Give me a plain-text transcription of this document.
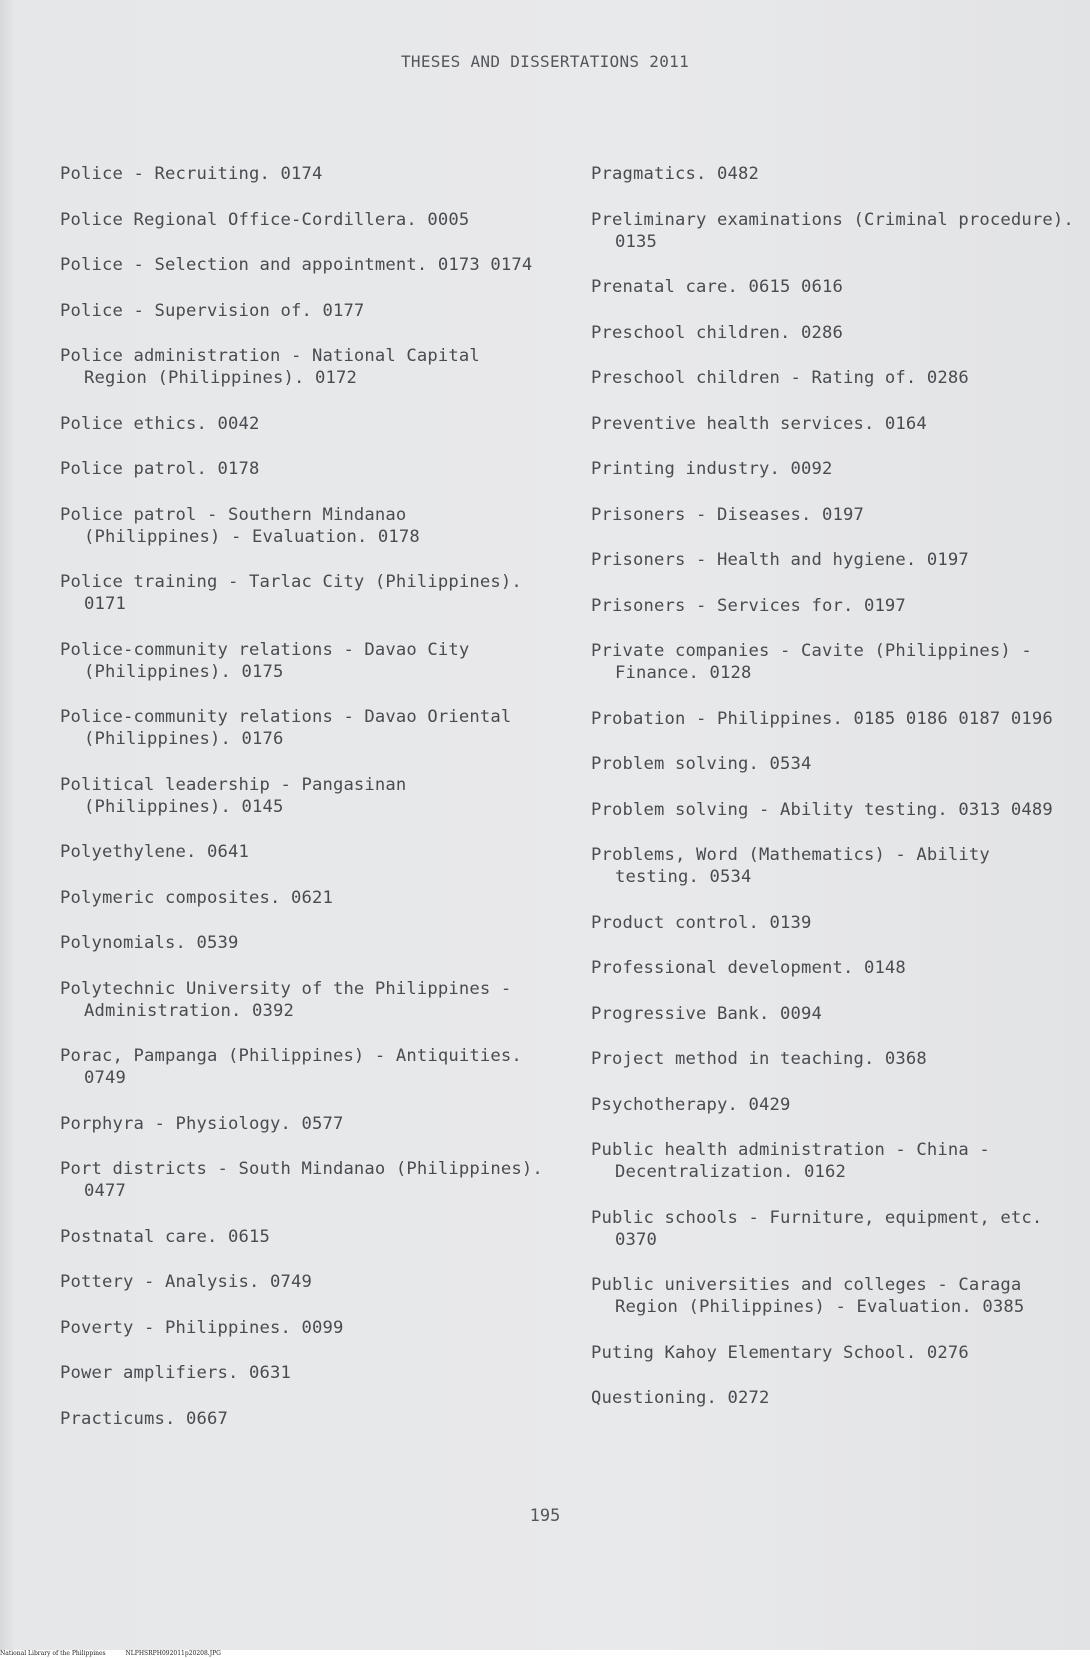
THESES AND DISSERTATIONS 2011
Police - Recruiting. 0174
Police Regional Office-Cordillera. 0005
Police - Selection and appointment. 0173 0174
Police - Supervision of. 0177
Police administration - National Capital Region (Philippines). 0172
Police ethics. 0042
Police patrol. 0178
Police patrol - Southern Mindanao (Philippines) - Evaluation. 0178
Police training - Tarlac City (Philippines). 0171
Police-community relations - Davao City (Philippines). 0175
Police-community relations - Davao Oriental (Philippines). 0176
Political leadership - Pangasinan (Philippines). 0145
Polyethylene. 0641
Polymeric composites. 0621
Polynomials. 0539
Polytechnic University of the Philippines - Administration. 0392
Porac, Pampanga (Philippines) - Antiquities. 0749
Porphyra - Physiology. 0577
Port districts - South Mindanao (Philippines). 0477
Postnatal care. 0615
Pottery - Analysis. 0749
Poverty - Philippines. 0099
Power amplifiers. 0631
Practicums. 0667
Pragmatics. 0482
Preliminary examinations (Criminal procedure). 0135
Prenatal care. 0615 0616
Preschool children. 0286
Preschool children - Rating of. 0286
Preventive health services. 0164
Printing industry. 0092
Prisoners - Diseases. 0197
Prisoners - Health and hygiene. 0197
Prisoners - Services for. 0197
Private companies - Cavite (Philippines) - Finance. 0128
Probation - Philippines. 0185 0186 0187 0196
Problem solving. 0534
Problem solving - Ability testing. 0313 0489
Problems, Word (Mathematics) - Ability testing. 0534
Product control. 0139
Professional development. 0148
Progressive Bank. 0094
Project method in teaching. 0368
Psychotherapy. 0429
Public health administration - China - Decentralization. 0162
Public schools - Furniture, equipment, etc. 0370
Public universities and colleges - Caraga Region (Philippines) - Evaluation. 0385
Puting Kahoy Elementary School. 0276
Questioning. 0272
195
National Library of the Philippines	NLPHSRPH092011p20208.JPG
